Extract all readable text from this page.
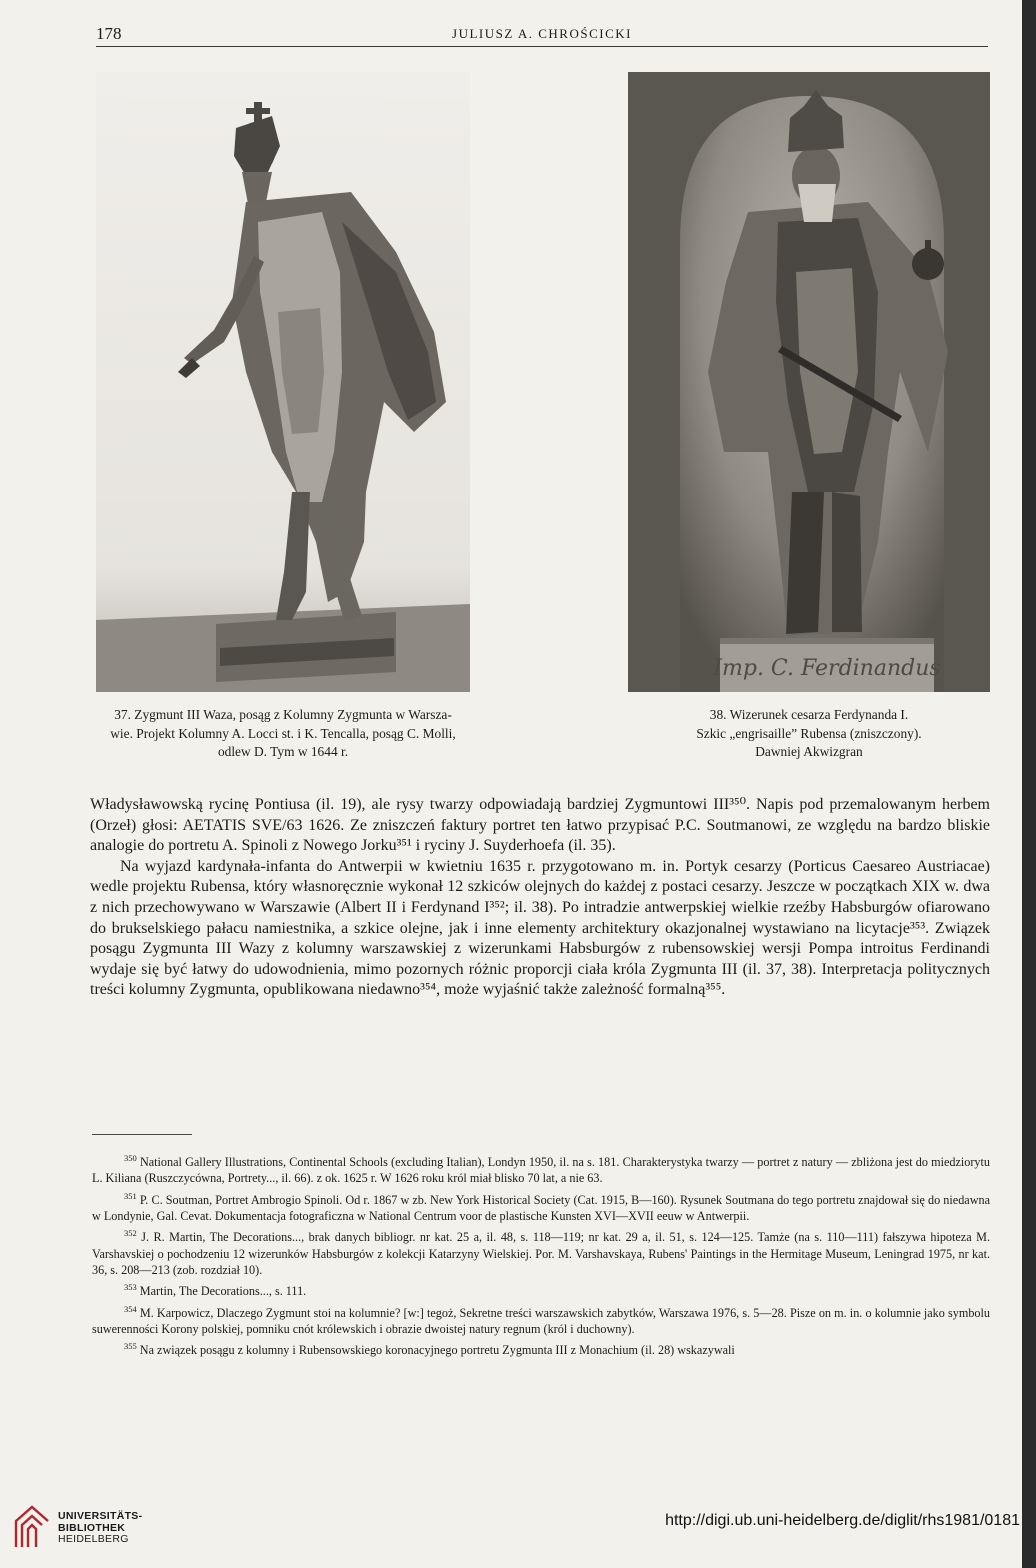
178	JULIUSZ A. CHROŚCICKI
37. Zygmunt III Waza, posąg z Kolumny Zygmunta w Warsza-
wie. Projekt Kolumny A. Locci st. i K. Tencalla, posąg C. Molli,
odlew D. Tym w 1644 r.
Imp. C. Ferdinandus
38. Wizerunek cesarza Ferdynanda I.
Szkic „engrisaille” Rubensa (zniszczony).
Dawniej Akwizgran

Władysławowską rycinę Pontiusa (il. 19), ale rysy twarzy odpowiadają bardziej Zygmuntowi III³⁵⁰. Napis pod przemalowanym herbem (Orzeł) głosi: AETATIS SVE/63 1626. Ze zniszczeń faktury portret ten łatwo przypisać P.C. Soutmanowi, ze względu na bardzo bliskie analogie do portretu A. Spinoli z Nowego Jorku³⁵¹ i ryciny J. Suyderhoefa (il. 35).

Na wyjazd kardynała-infanta do Antwerpii w kwietniu 1635 r. przygotowano m. in. Portyk cesarzy (Porticus Caesareo Austriacae) wedle projektu Rubensa, który własnoręcznie wykonał 12 szkiców olejnych do każdej z postaci cesarzy. Jeszcze w początkach XIX w. dwa z nich przechowywano w Warszawie (Albert II i Ferdynand I³⁵²; il. 38). Po intradzie antwerpskiej wielkie rzeźby Habsburgów ofiarowano do brukselskiego pałacu namiestnika, a szkice olejne, jak i inne elementy architektury okazjonalnej wystawiano na licytacje³⁵³. Związek posągu Zygmunta III Wazy z kolumny warszawskiej z wizerunkami Habsburgów z rubensowskiej wersji Pompa introitus Ferdinandi wydaje się być łatwy do udowodnienia, mimo pozornych różnic proporcji ciała króla Zygmunta III (il. 37, 38). Interpretacja politycznych treści kolumny Zygmunta, opublikowana niedawno³⁵⁴, może wyjaśnić także zależność formalną³⁵⁵.

$^{350}$ National Gallery Illustrations, Continental Schools (excluding Italian), Londyn 1950, il. na s. 181. Charakterystyka twarzy — portret z natury — zbliżona jest do miedziorytu L. Kiliana (Ruszczycówna, Portrety..., il. 66). z ok. 1625 r. W 1626 roku król miał blisko 70 lat, a nie 63.

$^{351}$ P. C. Soutman, Portret Ambrogio Spinoli. Od r. 1867 w zb. New York Historical Society (Cat. 1915, B—160). Rysunek Soutmana do tego portretu znajdował się do niedawna w Londynie, Gal. Cevat. Dokumentacja fotograficzna w National Centrum voor de plastische Kunsten XVI—XVII eeuw w Antwerpii.

$^{352}$ J. R. Martin, The Decorations..., brak danych bibliogr. nr kat. 25 a, il. 48, s. 118—119; nr kat. 29 a, il. 51, s. 124—125. Tamże (na s. 110—111) fałszywa hipoteza M. Varshavskiej o pochodzeniu 12 wizerunków Habsburgów z kolekcji Katarzyny Wielskiej. Por. M. Varshavskaya, Rubens' Paintings in the Hermitage Museum, Leningrad 1975, nr kat. 36, s. 208—213 (zob. rozdział 10).

$^{353}$ Martin, The Decorations..., s. 111.

$^{354}$ M. Karpowicz, Dlaczego Zygmunt stoi na kolumnie? [w:] tegoż, Sekretne treści warszawskich zabytków, Warszawa 1976, s. 5—28. Pisze on m. in. o kolumnie jako symbolu suwerenności Korony polskiej, pomniku cnót królewskich i obrazie dwoistej natury regnum (król i duchowny).

$^{355}$ Na związek posągu z kolumny i Rubensowskiego koronacyjnego portretu Zygmunta III z Monachium (il. 28) wskazywali

UNIVERSITÄTS-
BIBLIOTHEK
HEIDELBERG
http://digi.ub.uni-heidelberg.de/diglit/rhs1981/0181
